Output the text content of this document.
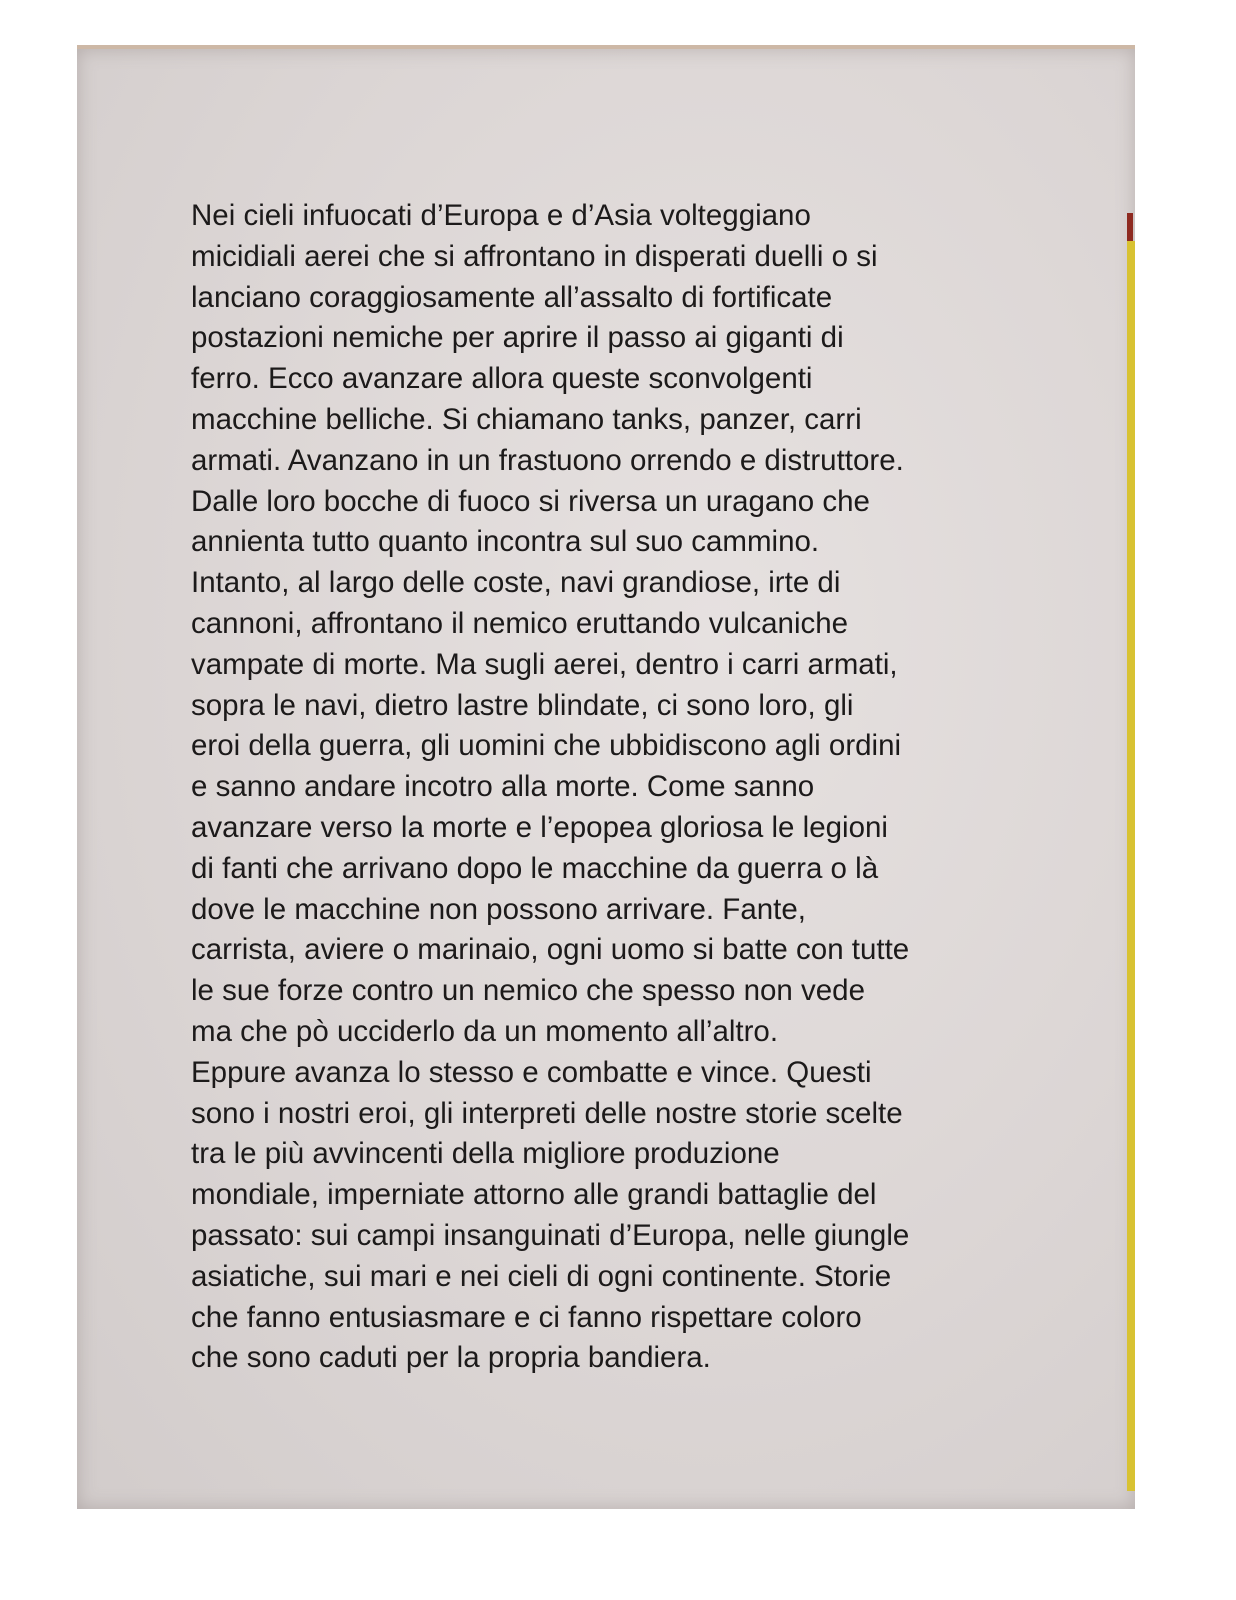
Nei cieli infuocati d’Europa e d’Asia volteggiano
micidiali aerei che si affrontano in disperati duelli o si
lanciano coraggiosamente all’assalto di fortificate
postazioni nemiche per aprire il passo ai giganti di
ferro. Ecco avanzare allora queste sconvolgenti
macchine belliche. Si chiamano tanks, panzer, carri
armati. Avanzano in un frastuono orrendo e distruttore.
Dalle loro bocche di fuoco si riversa un uragano che
annienta tutto quanto incontra sul suo cammino.
Intanto, al largo delle coste, navi grandiose, irte di
cannoni, affrontano il nemico eruttando vulcaniche
vampate di morte. Ma sugli aerei, dentro i carri armati,
sopra le navi, dietro lastre blindate, ci sono loro, gli
eroi della guerra, gli uomini che ubbidiscono agli ordini
e sanno andare incotro alla morte. Come sanno
avanzare verso la morte e l’epopea gloriosa le legioni
di fanti che arrivano dopo le macchine da guerra o là
dove le macchine non possono arrivare. Fante,
carrista, aviere o marinaio, ogni uomo si batte con tutte
le sue forze contro un nemico che spesso non vede
ma che pò ucciderlo da un momento all’altro.
Eppure avanza lo stesso e combatte e vince. Questi
sono i nostri eroi, gli interpreti delle nostre storie scelte
tra le più avvincenti della migliore produzione
mondiale, imperniate attorno alle grandi battaglie del
passato: sui campi insanguinati d’Europa, nelle giungle
asiatiche, sui mari e nei cieli di ogni continente. Storie
che fanno entusiasmare e ci fanno rispettare coloro
che sono caduti per la propria bandiera.
